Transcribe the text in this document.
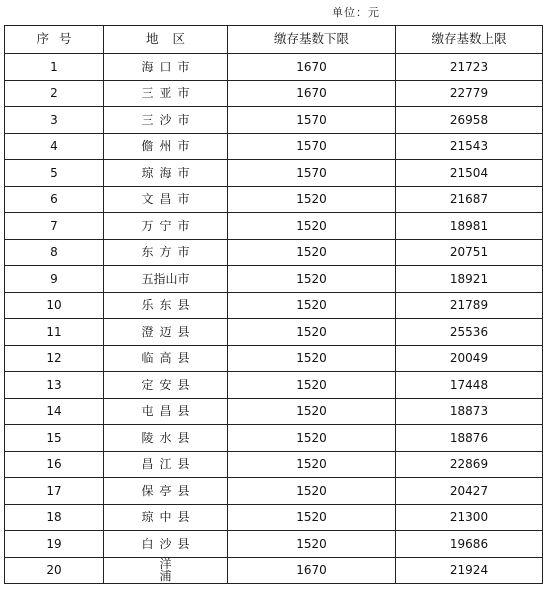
单位：元
序号	地区	缴存基数下限	缴存基数上限
1	海口市	1670	21723
2	三亚市	1670	22779
3	三沙市	1570	26958
4	儋州市	1570	21543
5	琼海市	1570	21504
6	文昌市	1520	21687
7	万宁市	1520	18981
8	东方市	1520	20751
9	五指山市	1520	18921
10	乐东县	1520	21789
11	澄迈县	1520	25536
12	临高县	1520	20049
13	定安县	1520	17448
14	屯昌县	1520	18873
15	陵水县	1520	18876
16	昌江县	1520	22869
17	保亭县	1520	20427
18	琼中县	1520	21300
19	白沙县	1520	19686
20	洋浦	1670	21924
